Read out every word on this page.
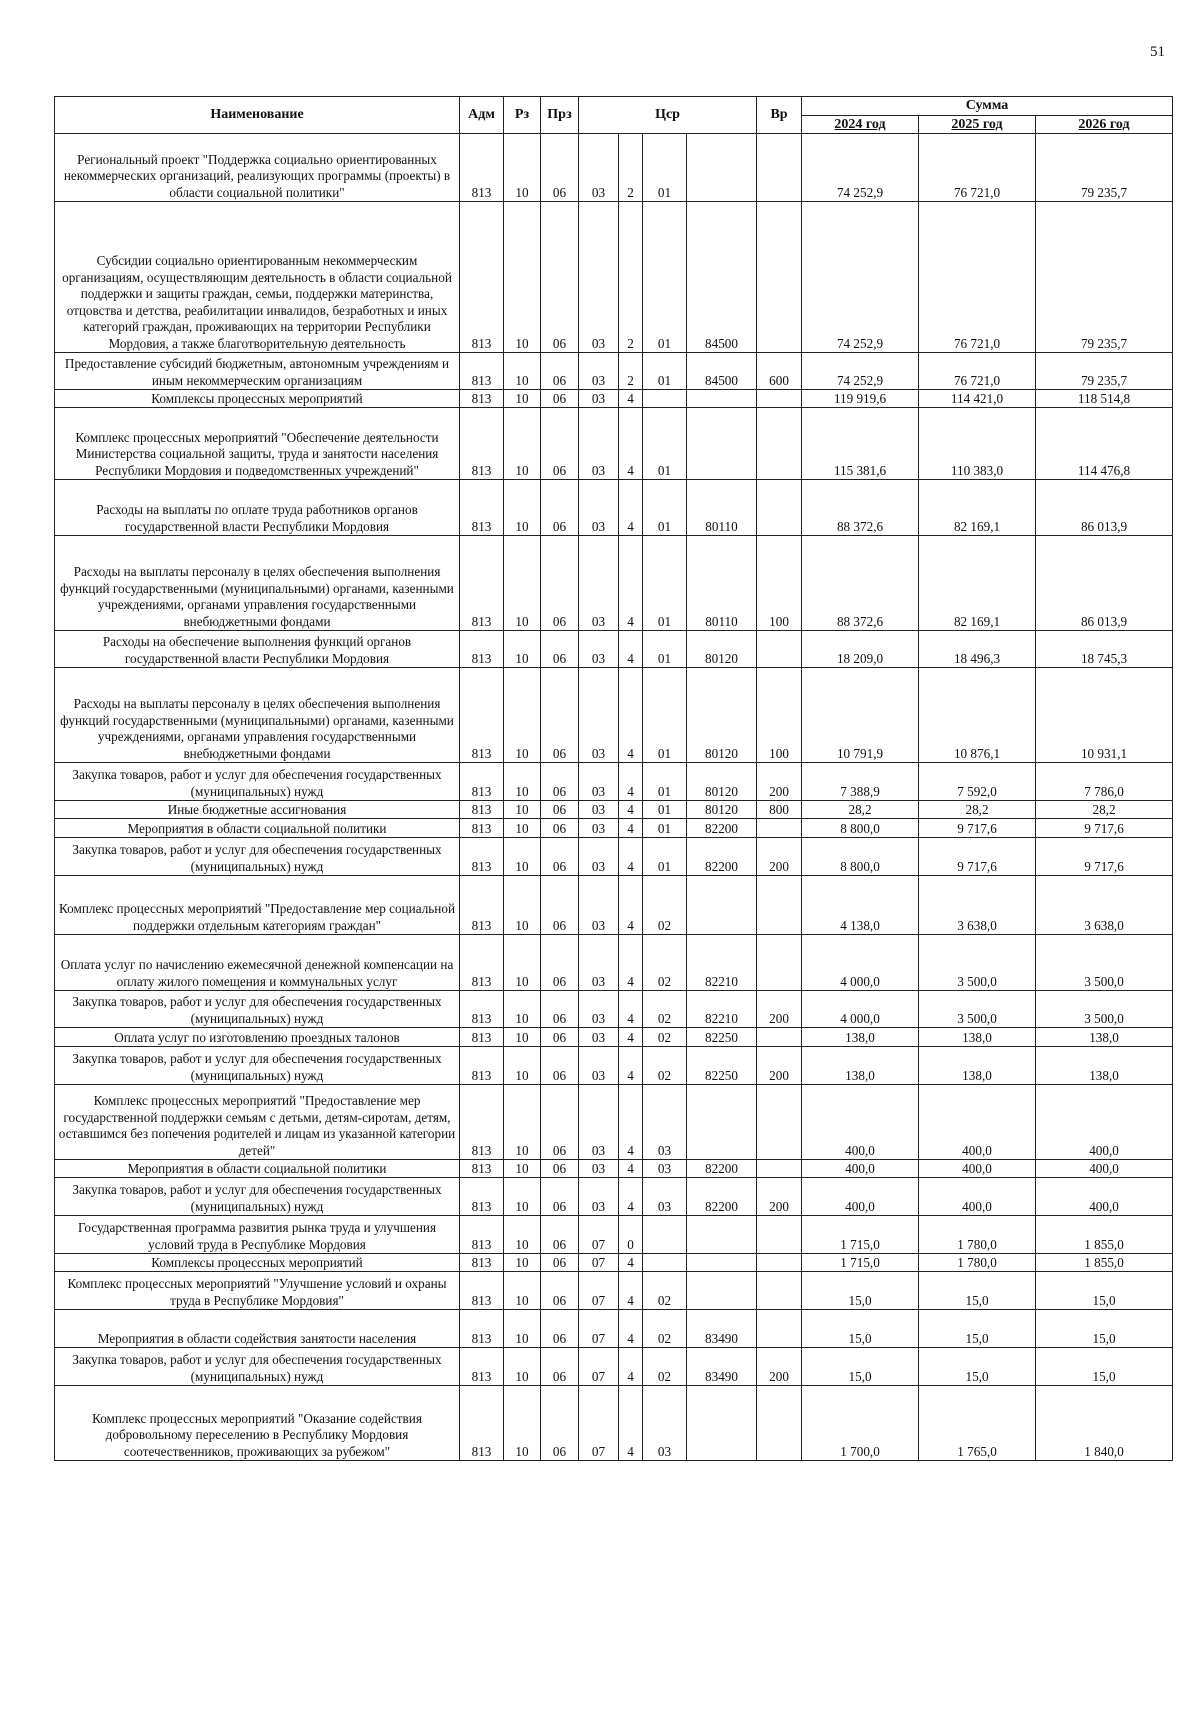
51
Наименование	Адм	Рз	Прз	Цср				Вр	Сумма		
									2024 год	2025 год	2026 год
Региональный проект "Поддержка социально ориентированных некоммерческих организаций, реализующих программы (проекты) в области социальной политики"	813	10	06	03	2	01			74 252,9	76 721,0	79 235,7
Субсидии социально ориентированным некоммерческим организациям, осуществляющим деятельность в области социальной поддержки и защиты граждан, семьи, поддержки материнства, отцовства и детства, реабилитации инвалидов, безработных и иных категорий граждан, проживающих на территории Республики Мордовия, а также благотворительную деятельность	813	10	06	03	2	01	84500		74 252,9	76 721,0	79 235,7
Предоставление субсидий бюджетным, автономным учреждениям и иным некоммерческим организациям	813	10	06	03	2	01	84500	600	74 252,9	76 721,0	79 235,7
Комплексы процессных мероприятий	813	10	06	03	4				119 919,6	114 421,0	118 514,8
Комплекс процессных мероприятий "Обеспечение деятельности Министерства социальной защиты, труда и занятости населения Республики Мордовия и подведомственных учреждений"	813	10	06	03	4	01			115 381,6	110 383,0	114 476,8
Расходы на выплаты по оплате труда работников органов государственной власти Республики Мордовия	813	10	06	03	4	01	80110		88 372,6	82 169,1	86 013,9
Расходы на выплаты персоналу в целях обеспечения выполнения функций государственными (муниципальными) органами, казенными учреждениями, органами управления государственными внебюджетными фондами	813	10	06	03	4	01	80110	100	88 372,6	82 169,1	86 013,9
Расходы на обеспечение выполнения функций органов государственной власти Республики Мордовия	813	10	06	03	4	01	80120		18 209,0	18 496,3	18 745,3
Расходы на выплаты персоналу в целях обеспечения выполнения функций государственными (муниципальными) органами, казенными учреждениями, органами управления государственными внебюджетными фондами	813	10	06	03	4	01	80120	100	10 791,9	10 876,1	10 931,1
Закупка товаров, работ и услуг для обеспечения государственных (муниципальных) нужд	813	10	06	03	4	01	80120	200	7 388,9	7 592,0	7 786,0
Иные бюджетные ассигнования	813	10	06	03	4	01	80120	800	28,2	28,2	28,2
Мероприятия в области социальной политики	813	10	06	03	4	01	82200		8 800,0	9 717,6	9 717,6
Закупка товаров, работ и услуг для обеспечения государственных (муниципальных) нужд	813	10	06	03	4	01	82200	200	8 800,0	9 717,6	9 717,6
Комплекс процессных мероприятий "Предоставление мер социальной поддержки отдельным категориям граждан"	813	10	06	03	4	02			4 138,0	3 638,0	3 638,0
Оплата услуг по начислению ежемесячной денежной компенсации на оплату жилого помещения и коммунальных услуг	813	10	06	03	4	02	82210		4 000,0	3 500,0	3 500,0
Закупка товаров, работ и услуг для обеспечения государственных (муниципальных) нужд	813	10	06	03	4	02	82210	200	4 000,0	3 500,0	3 500,0
Оплата услуг по изготовлению проездных талонов	813	10	06	03	4	02	82250		138,0	138,0	138,0
Закупка товаров, работ и услуг для обеспечения государственных (муниципальных) нужд	813	10	06	03	4	02	82250	200	138,0	138,0	138,0
Комплекс процессных мероприятий "Предоставление мер государственной поддержки семьям с детьми, детям-сиротам, детям, оставшимся без попечения родителей и лицам из указанной категории детей"	813	10	06	03	4	03			400,0	400,0	400,0
Мероприятия в области социальной политики	813	10	06	03	4	03	82200		400,0	400,0	400,0
Закупка товаров, работ и услуг для обеспечения государственных (муниципальных) нужд	813	10	06	03	4	03	82200	200	400,0	400,0	400,0
Государственная программа развития рынка труда и улучшения условий труда в Республике Мордовия	813	10	06	07	0				1 715,0	1 780,0	1 855,0
Комплексы процессных мероприятий	813	10	06	07	4				1 715,0	1 780,0	1 855,0
Комплекс процессных мероприятий "Улучшение условий и охраны труда в Республике Мордовия"	813	10	06	07	4	02			15,0	15,0	15,0
Мероприятия в области содействия занятости населения	813	10	06	07	4	02	83490		15,0	15,0	15,0
Закупка товаров, работ и услуг для обеспечения государственных (муниципальных) нужд	813	10	06	07	4	02	83490	200	15,0	15,0	15,0
Комплекс процессных мероприятий "Оказание содействия добровольному переселению в Республику Мордовия соотечественников, проживающих за рубежом"	813	10	06	07	4	03			1 700,0	1 765,0	1 840,0
